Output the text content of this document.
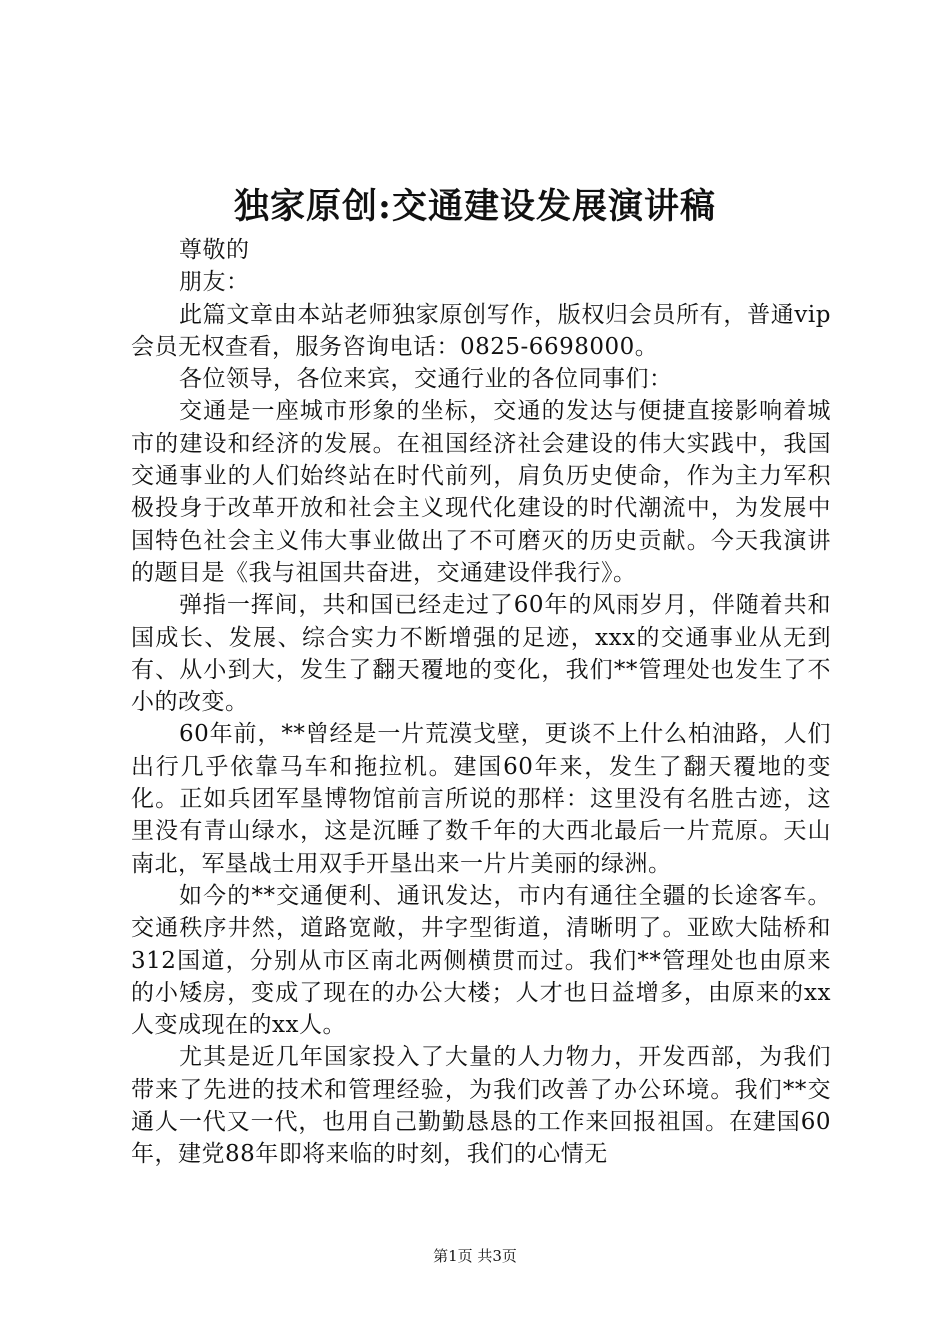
独家原创:交通建设发展演讲稿

尊敬的

朋友：

此篇文章由本站老师独家原创写作，版权归会员所有，普通vip会员无权查看，服务咨询电话：0825-6698000。

各位领导，各位来宾，交通行业的各位同事们：

交通是一座城市形象的坐标，交通的发达与便捷直接影响着城市的建设和经济的发展。在祖国经济社会建设的伟大实践中，我国交通事业的人们始终站在时代前列，肩负历史使命，作为主力军积极投身于改革开放和社会主义现代化建设的时代潮流中，为发展中国特色社会主义伟大事业做出了不可磨灭的历史贡献。今天我演讲的题目是《我与祖国共奋进，交通建设伴我行》。

弹指一挥间，共和国已经走过了60年的风雨岁月，伴随着共和国成长、发展、综合实力不断增强的足迹，xxx的交通事业从无到有、从小到大，发生了翻天覆地的变化，我们**管理处也发生了不小的改变。

60年前，**曾经是一片荒漠戈壁，更谈不上什么柏油路，人们出行几乎依靠马车和拖拉机。建国60年来，发生了翻天覆地的变化。正如兵团军垦博物馆前言所说的那样：这里没有名胜古迹，这里没有青山绿水，这是沉睡了数千年的大西北最后一片荒原。天山南北，军垦战士用双手开垦出来一片片美丽的绿洲。

如今的**交通便利、通讯发达，市内有通往全疆的长途客车。交通秩序井然，道路宽敞，井字型街道，清晰明了。亚欧大陆桥和312国道，分别从市区南北两侧横贯而过。我们**管理处也由原来的小矮房，变成了现在的办公大楼；人才也日益增多，由原来的xx人变成现在的xx人。

尤其是近几年国家投入了大量的人力物力，开发西部，为我们带来了先进的技术和管理经验，为我们改善了办公环境。我们**交通人一代又一代，也用自己勤勤恳恳的工作来回报祖国。在建国60年，建党88年即将来临的时刻，我们的心情无

第1页 共3页
